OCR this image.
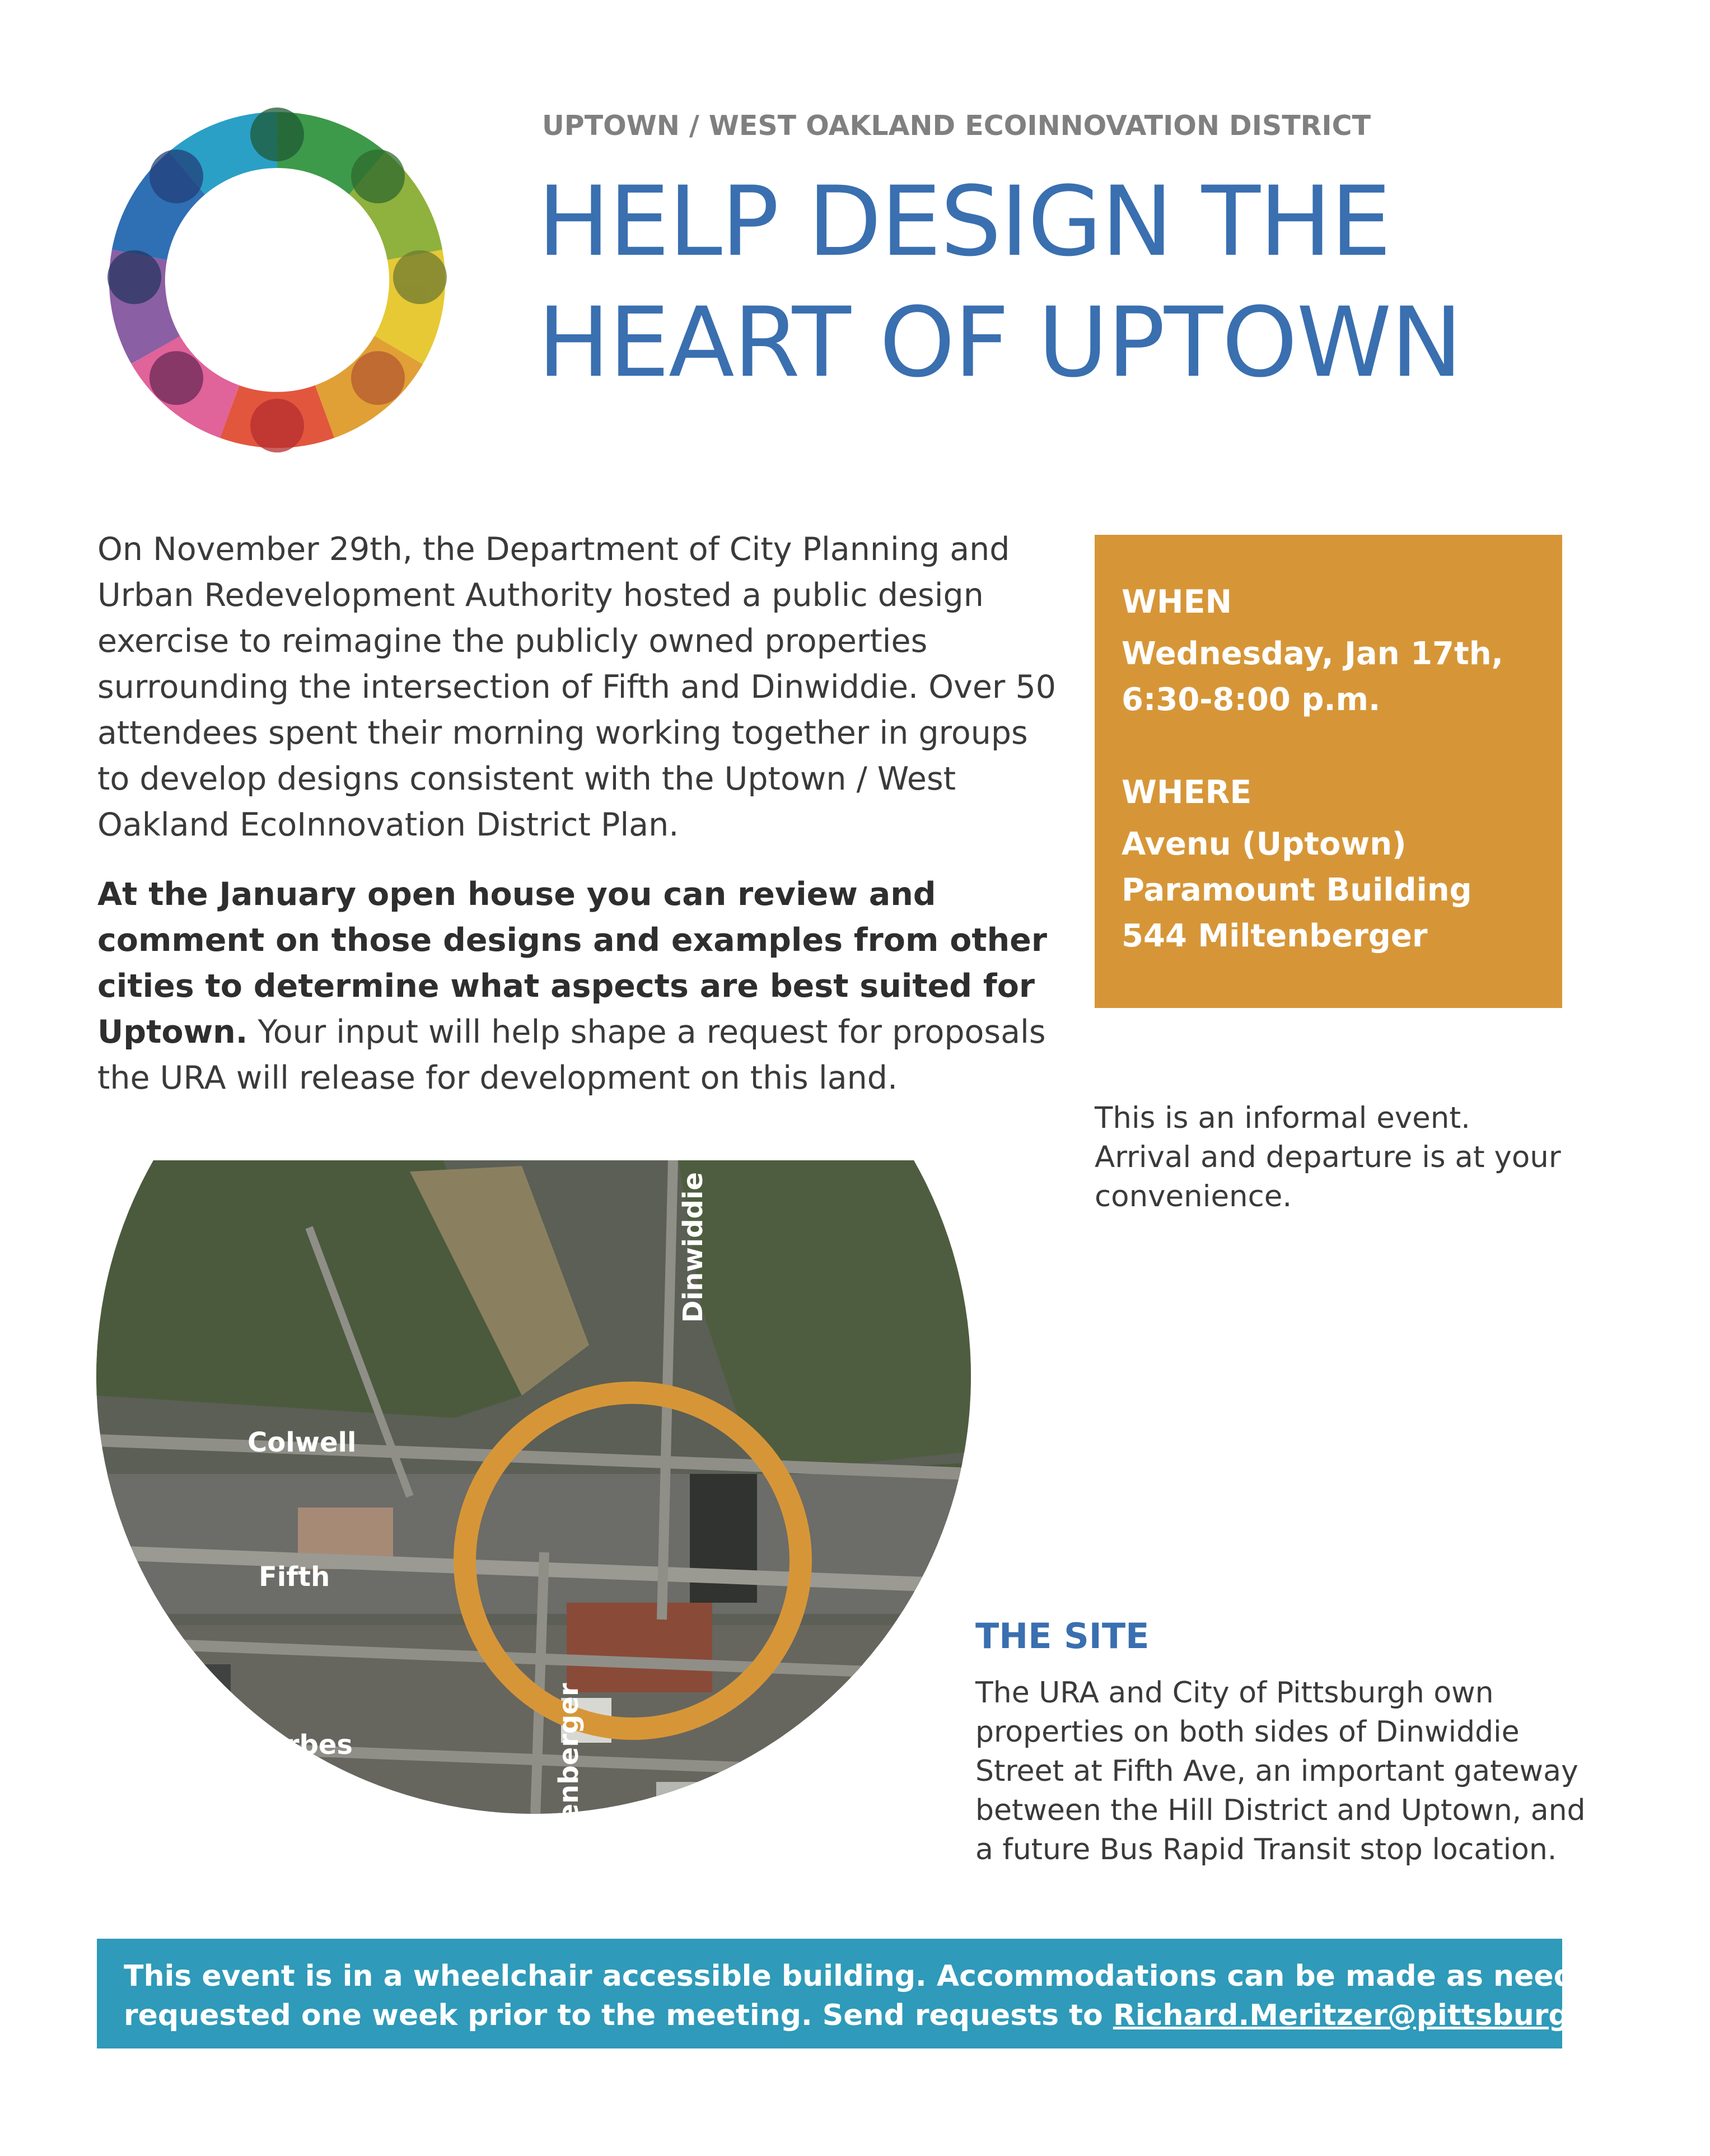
UPTOWN / WEST OAKLAND ECOINNOVATION DISTRICT
HELP DESIGN THE
HEART OF UPTOWN

On November 29th, the Department of City Planning and Urban Redevelopment Authority hosted a public design exercise to reimagine the publicly owned properties surrounding the intersection of Fifth and Dinwiddie. Over 50 attendees spent their morning working together in groups to develop designs consistent with the Uptown / West Oakland EcoInnovation District Plan.

At the January open house you can review and comment on those designs and examples from other cities to determine what aspects are best suited for Uptown. Your input will help shape a request for proposals the URA will release for development on this land.

WHEN
Wednesday, Jan 17th,
6:30-8:00 p.m.
WHERE
Avenu (Uptown)
Paramount Building
544 Miltenberger
This is an informal event.
Arrival and departure is at your
convenience.
Dinwiddie
Colwell
Fifth
Forbes	Miltenberger
THE SITE
The URA and City of Pittsburgh own
properties on both sides of Dinwiddie
Street at Fifth Ave, an important gateway
between the Hill District and Uptown, and
a future Bus Rapid Transit stop location.
This event is in a wheelchair accessible building. Accommodations can be made as needed if
requested one week prior to the meeting. Send requests to Richard.Meritzer@pittsburghpa.gov.
